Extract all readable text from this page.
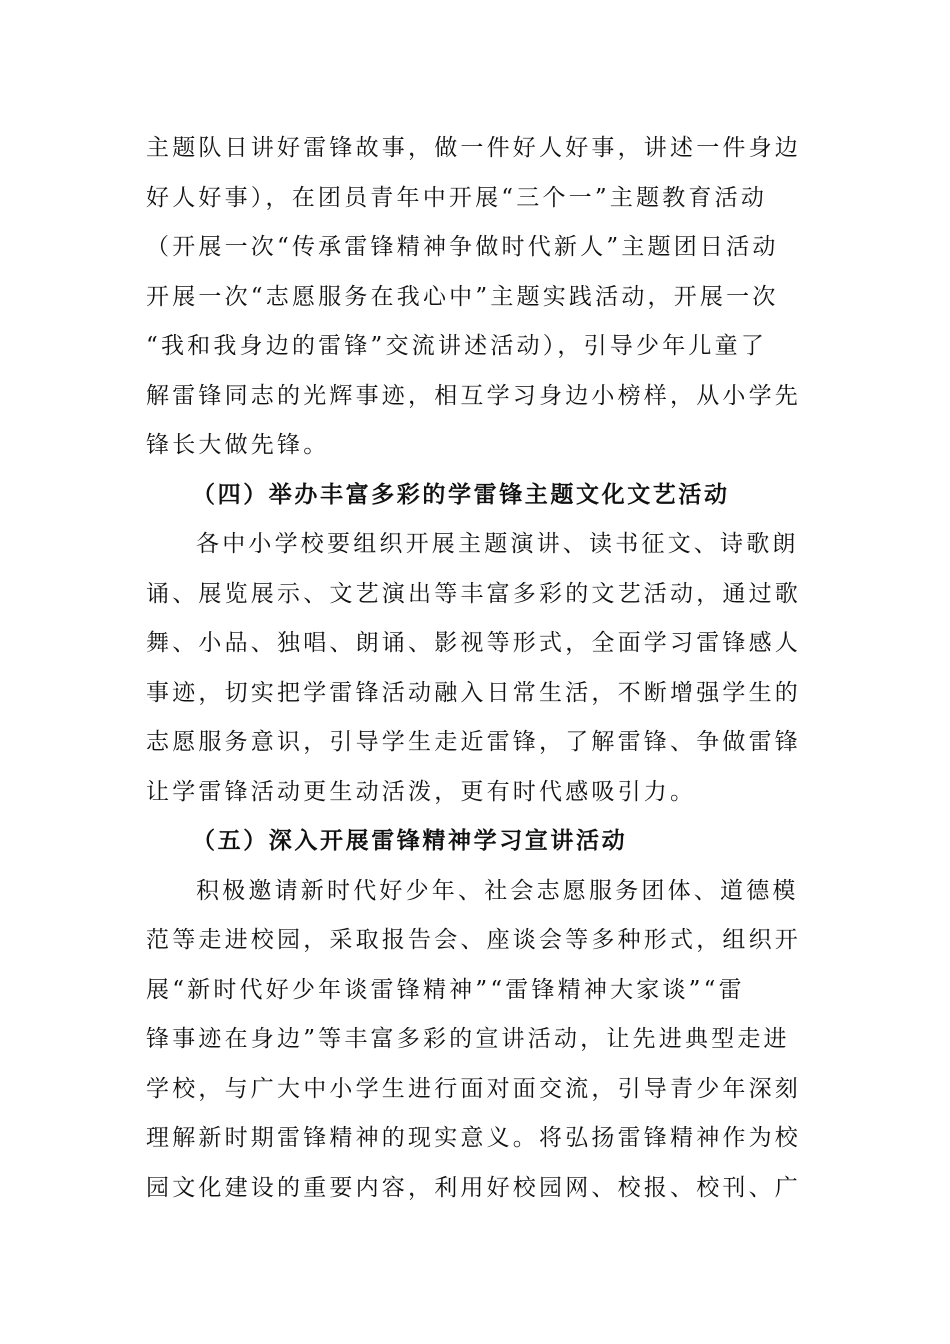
主题队日讲好雷锋故事，做一件好人好事，讲述一件身边
好人好事），在团员青年中开展“三个一”主题教育活动
（开展一次“传承雷锋精神争做时代新人”主题团日活动
开展一次“志愿服务在我心中”主题实践活动，开展一次
“我和我身边的雷锋”交流讲述活动），引导少年儿童了
解雷锋同志的光辉事迹，相互学习身边小榜样，从小学先
锋长大做先锋。
（四）举办丰富多彩的学雷锋主题文化文艺活动
各中小学校要组织开展主题演讲、读书征文、诗歌朗
诵、展览展示、文艺演出等丰富多彩的文艺活动，通过歌
舞、小品、独唱、朗诵、影视等形式，全面学习雷锋感人
事迹，切实把学雷锋活动融入日常生活，不断增强学生的
志愿服务意识，引导学生走近雷锋，了解雷锋、争做雷锋
让学雷锋活动更生动活泼，更有时代感吸引力。
（五）深入开展雷锋精神学习宣讲活动
积极邀请新时代好少年、社会志愿服务团体、道德模
范等走进校园，采取报告会、座谈会等多种形式，组织开
展“新时代好少年谈雷锋精神”“雷锋精神大家谈”“雷
锋事迹在身边”等丰富多彩的宣讲活动，让先进典型走进
学校，与广大中小学生进行面对面交流，引导青少年深刻
理解新时期雷锋精神的现实意义。将弘扬雷锋精神作为校
园文化建设的重要内容，利用好校园网、校报、校刊、广
